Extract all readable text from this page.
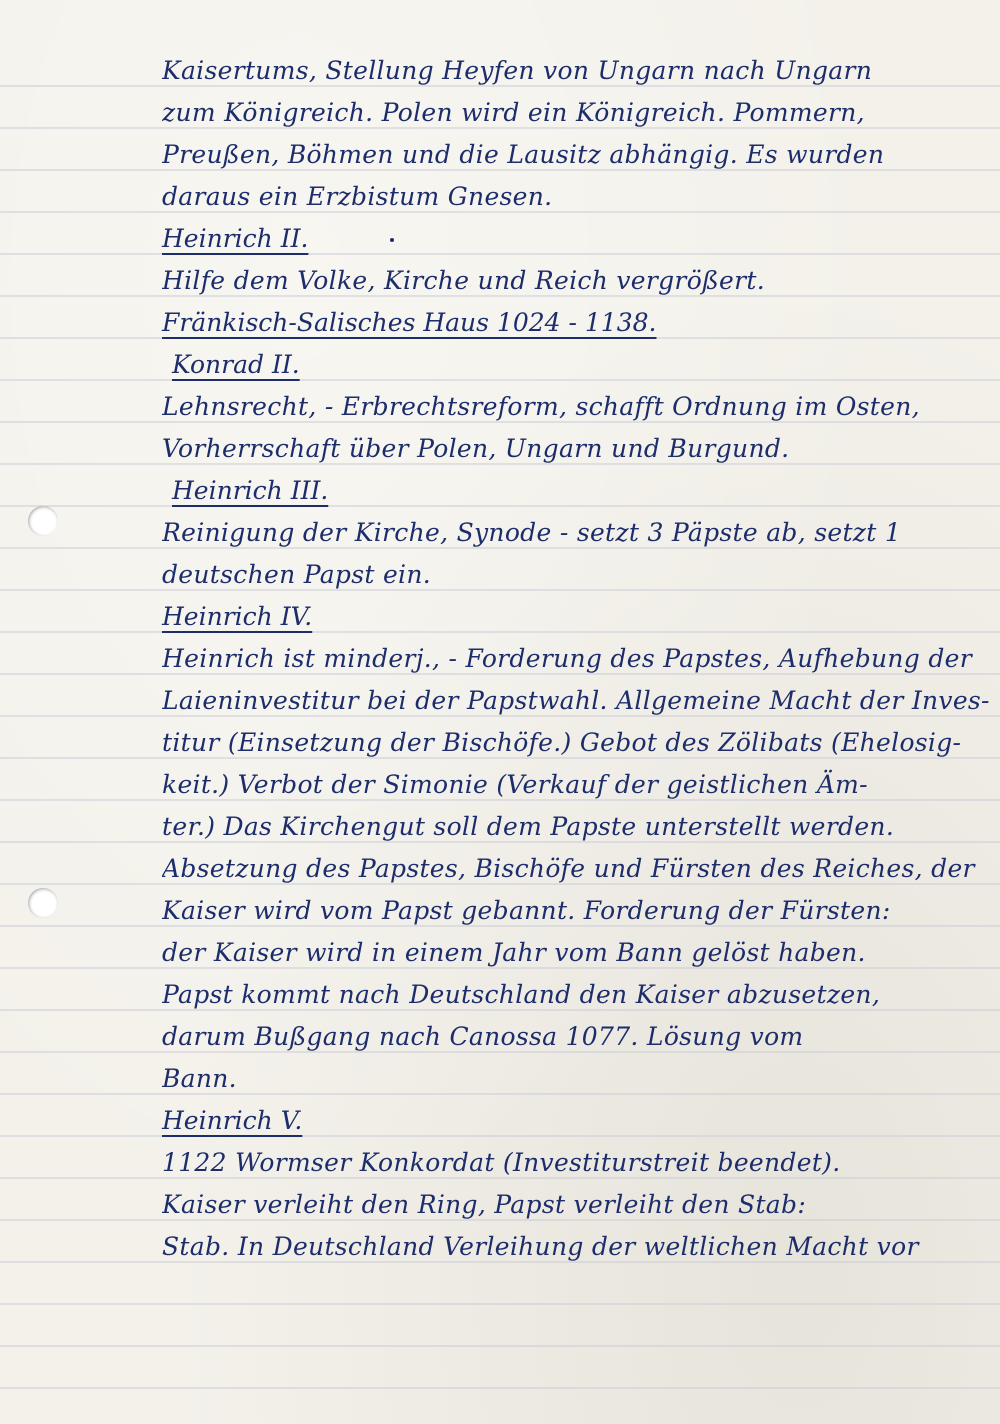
Kaisertums, Stellung Heyfen von Ungarn nach Ungarn
zum Königreich. Polen wird ein Königreich. Pommern,
Preußen, Böhmen und die Lausitz abhängig. Es wurden
daraus ein Erzbistum Gnesen.
Heinrich II.
Hilfe dem Volke, Kirche und Reich vergrößert.
Fränkisch-Salisches Haus 1024 - 1138.
Konrad II.
Lehnsrecht, - Erbrechtsreform, schafft Ordnung im Osten,
Vorherrschaft über Polen, Ungarn und Burgund.
Heinrich III.
Reinigung der Kirche, Synode - setzt 3 Päpste ab, setzt 1
deutschen Papst ein.
Heinrich IV.
Heinrich ist minderj., - Forderung des Papstes, Aufhebung der
Laieninvestitur bei der Papstwahl. Allgemeine Macht der Inves-
titur (Einsetzung der Bischöfe.) Gebot des Zölibats (Ehelosig-
keit.) Verbot der Simonie (Verkauf der geistlichen Äm-
ter.) Das Kirchengut soll dem Papste unterstellt werden.
Absetzung des Papstes, Bischöfe und Fürsten des Reiches, der
Kaiser wird vom Papst gebannt. Forderung der Fürsten:
der Kaiser wird in einem Jahr vom Bann gelöst haben.
Papst kommt nach Deutschland den Kaiser abzusetzen,
darum Bußgang nach Canossa 1077. Lösung vom
Bann.
Heinrich V.
1122 Wormser Konkordat (Investiturstreit beendet).
Kaiser verleiht den Ring, Papst verleiht den Stab:
Stab. In Deutschland Verleihung der weltlichen Macht vor
